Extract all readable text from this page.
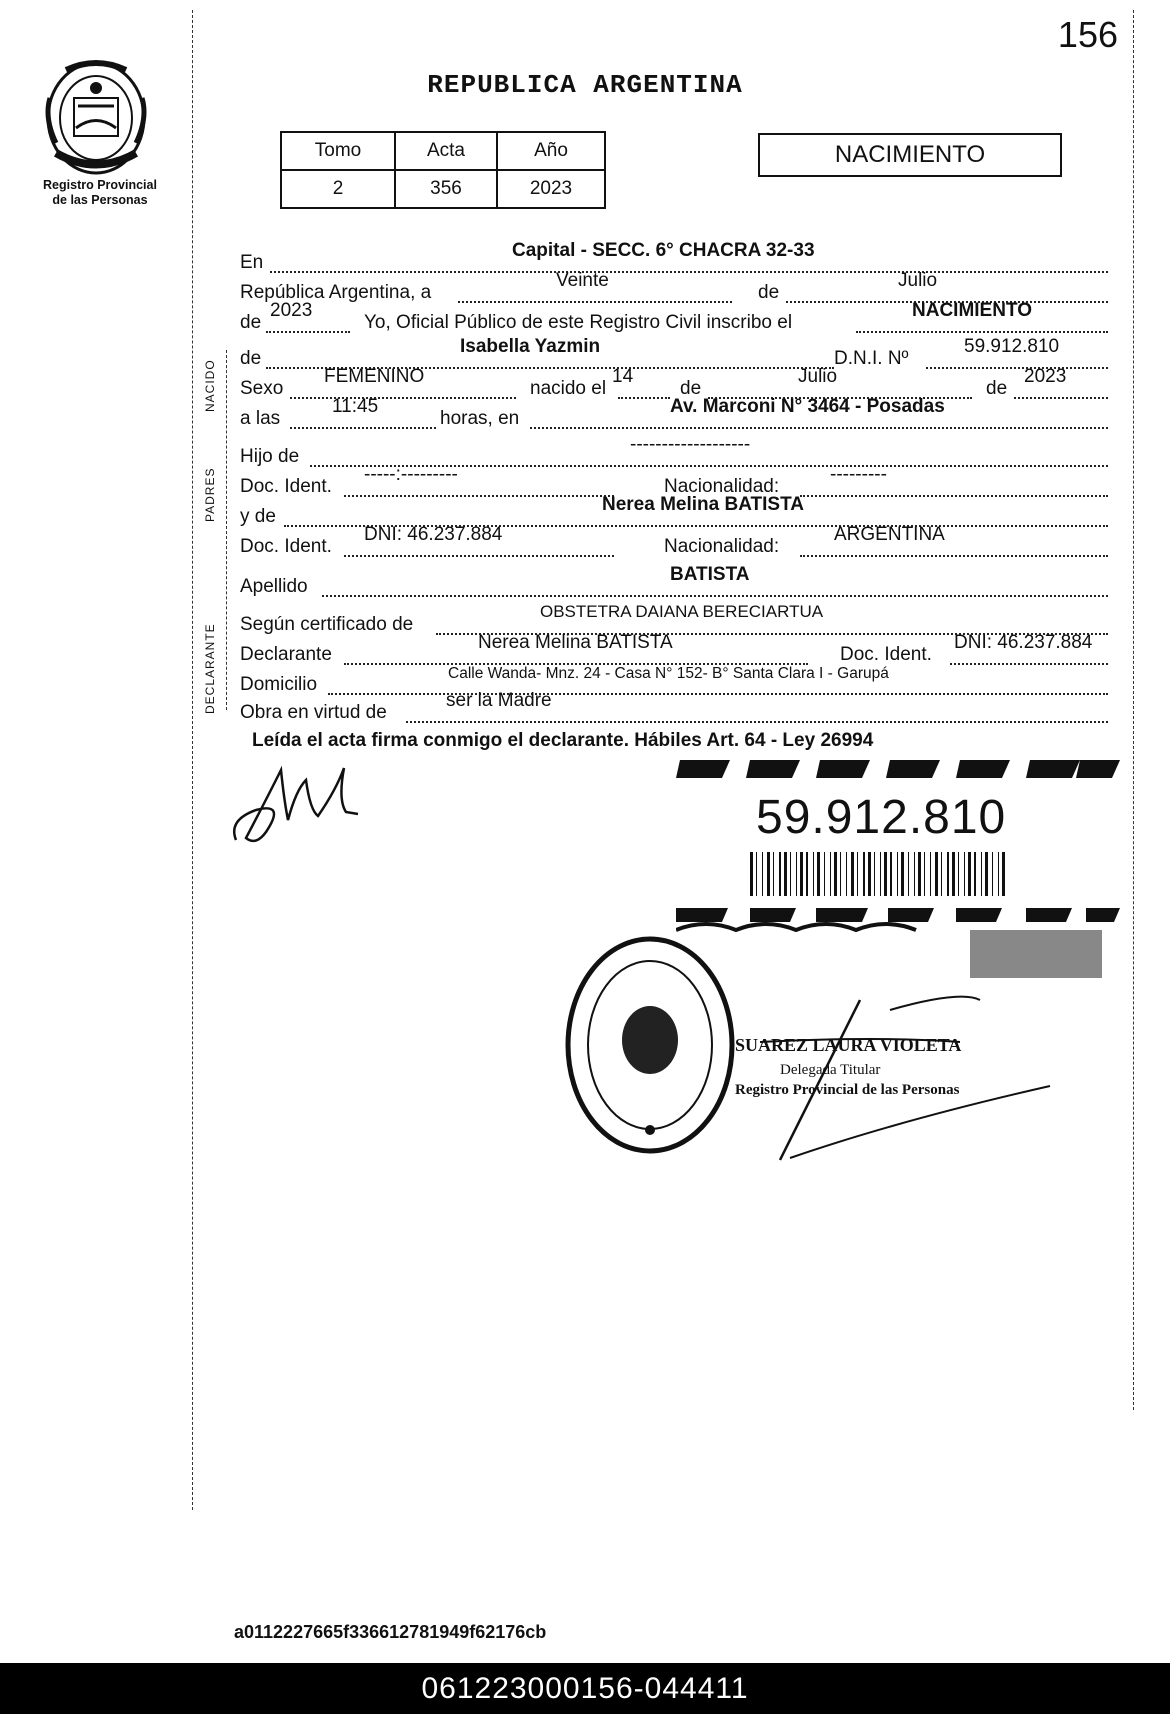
156
Registro Provincial
de las Personas
REPUBLICA ARGENTINA
Tomo	Acta	Año
2	356	2023
NACIMIENTO
NACIDO
PADRES
DECLARANTE
En
Capital - SECC. 6° CHACRA 32-33
República Argentina, a
Veinte
de
Julio
de
2023
Yo, Oficial Público de este Registro Civil inscribo el
NACIMIENTO
de
Isabella Yazmin
D.N.I. Nº
59.912.810
Sexo
FEMENINO
nacido el
14
de
Julio
de
2023
a las
11:45
horas, en
Av. Marconi N° 3464 - Posadas
Hijo de
-------------------
Doc. Ident.
-----:---------
Nacionalidad:
---------
y de
Nerea Melina BATISTA
Doc. Ident.
DNI: 46.237.884
Nacionalidad:
ARGENTINA
Apellido
BATISTA
Según certificado de
OBSTETRA DAIANA BERECIARTUA
Declarante
Nerea Melina BATISTA
Doc. Ident.
DNI: 46.237.884
Domicilio
Calle Wanda- Mnz. 24 - Casa N° 152- B° Santa Clara I - Garupá
Obra en virtud de
ser la Madre
Leída el acta firma conmigo el declarante. Hábiles Art. 64 - Ley 26994
59.912.810
SUAREZ LAURA VIOLETA
Delegada Titular
Registro Provincial de las Personas
a0112227665f336612781949f62176cb
061223000156-044411
